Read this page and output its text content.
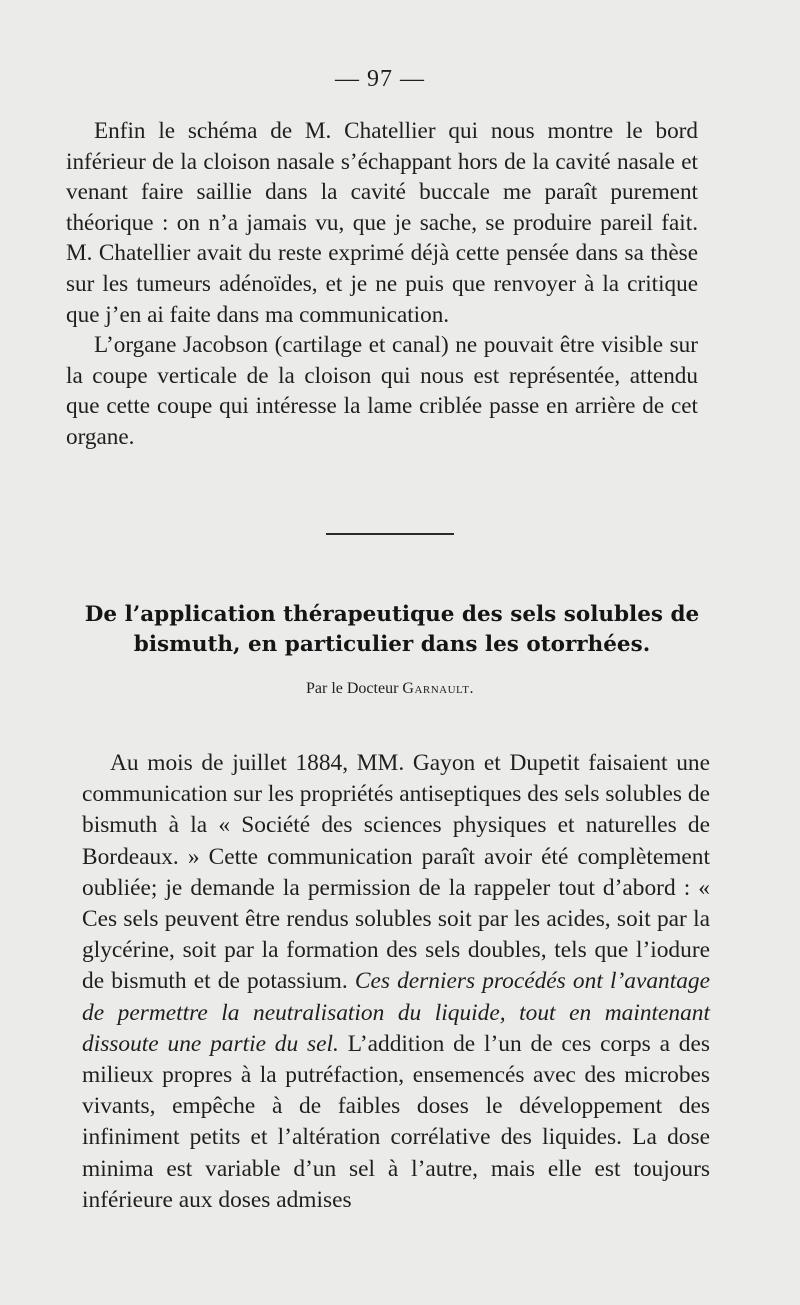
— 97 —

Enfin le schéma de M. Chatellier qui nous montre le bord inférieur de la cloison nasale s’échappant hors de la cavité nasale et venant faire saillie dans la cavité buccale me paraît purement théorique : on n’a jamais vu, que je sache, se produire pareil fait. M. Chatellier avait du reste exprimé déjà cette pensée dans sa thèse sur les tumeurs adénoïdes, et je ne puis que renvoyer à la critique que j’en ai faite dans ma communication.

L’organe Jacobson (cartilage et canal) ne pouvait être visible sur la coupe verticale de la cloison qui nous est représentée, attendu que cette coupe qui intéresse la lame criblée passe en arrière de cet organe.

De l’application thérapeutique des sels solubles de bismuth, en particulier dans les otorrhées.
Par le Docteur Garnault.

Au mois de juillet 1884, MM. Gayon et Dupetit faisaient une communication sur les propriétés antiseptiques des sels solubles de bismuth à la « Société des sciences physiques et naturelles de Bordeaux. » Cette communication paraît avoir été complètement oubliée; je demande la permission de la rappeler tout d’abord : « Ces sels peuvent être rendus solubles soit par les acides, soit par la glycérine, soit par la formation des sels doubles, tels que l’iodure de bismuth et de potassium. Ces derniers procédés ont l’avantage de permettre la neutralisation du liquide, tout en maintenant dissoute une partie du sel. L’addition de l’un de ces corps a des milieux propres à la putréfaction, ensemencés avec des microbes vivants, empêche à de faibles doses le développement des infiniment petits et l’altération corrélative des liquides. La dose minima est variable d’un sel à l’autre, mais elle est toujours inférieure aux doses admises
